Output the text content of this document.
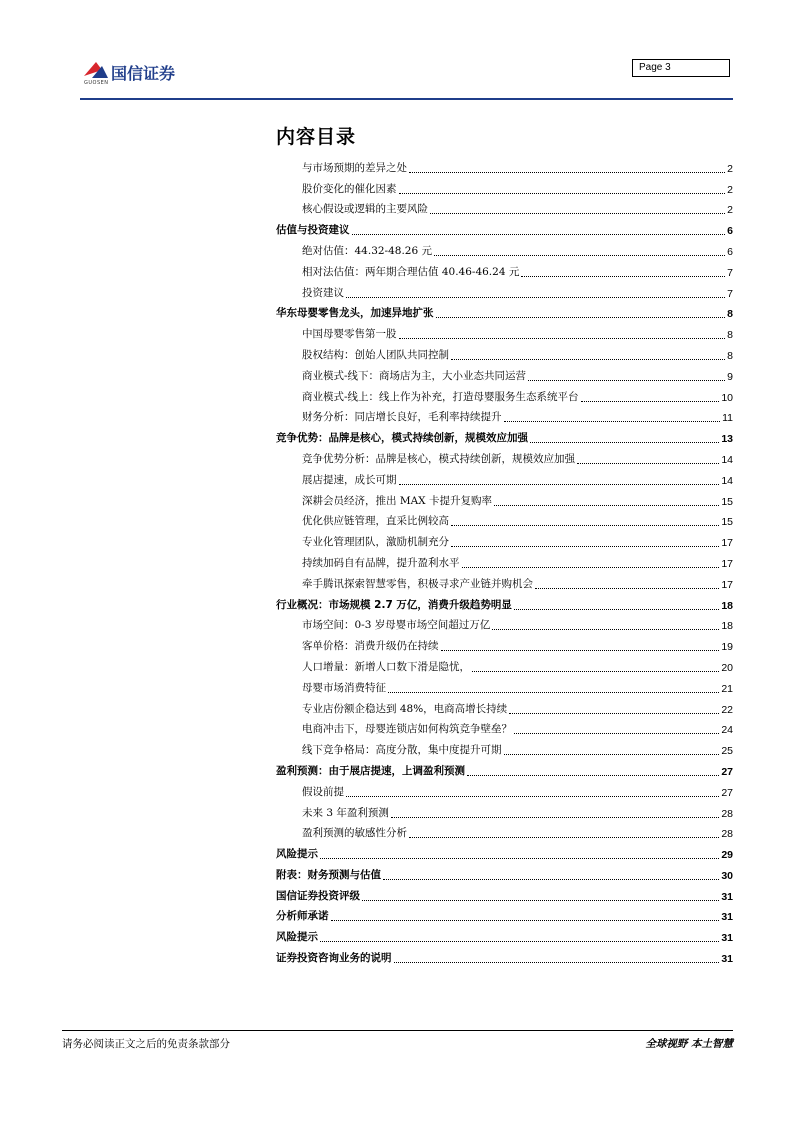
国信证券
GUOSEN
Page 3
内容目录
与市场预期的差异之处	2
股价变化的催化因素	2
核心假设或逻辑的主要风险	2
估值与投资建议	6
绝对估值：44.32-48.26 元	6
相对法估值：两年期合理估值 40.46-46.24 元	7
投资建议	7
华东母婴零售龙头，加速异地扩张	8
中国母婴零售第一股	8
股权结构：创始人团队共同控制	8
商业模式-线下：商场店为主，大小业态共同运营	9
商业模式-线上：线上作为补充，打造母婴服务生态系统平台	10
财务分析：同店增长良好，毛利率持续提升	11
竞争优势：品牌是核心，模式持续创新，规模效应加强	13
竞争优势分析：品牌是核心，模式持续创新，规模效应加强	14
展店提速，成长可期	14
深耕会员经济，推出 MAX 卡提升复购率	15
优化供应链管理，直采比例较高	15
专业化管理团队，激励机制充分	17
持续加码自有品牌，提升盈利水平	17
牵手腾讯探索智慧零售，积极寻求产业链并购机会	17
行业概况：市场规模 2.7 万亿，消费升级趋势明显	18
市场空间：0-3 岁母婴市场空间超过万亿	18
客单价格：消费升级仍在持续	19
人口增量：新增人口数下滑是隐忧，	20
母婴市场消费特征	21
专业店份额企稳达到 48%，电商高增长持续	22
电商冲击下，母婴连锁店如何构筑竞争壁垒？	24
线下竞争格局：高度分散，集中度提升可期	25
盈利预测：由于展店提速，上调盈利预测	27
假设前提	27
未来 3 年盈利预测	28
盈利预测的敏感性分析	28
风险提示	29
附表：财务预测与估值	30
国信证券投资评级	31
分析师承诺	31
风险提示	31
证券投资咨询业务的说明	31
请务必阅读正文之后的免责条款部分	全球视野 本土智慧
